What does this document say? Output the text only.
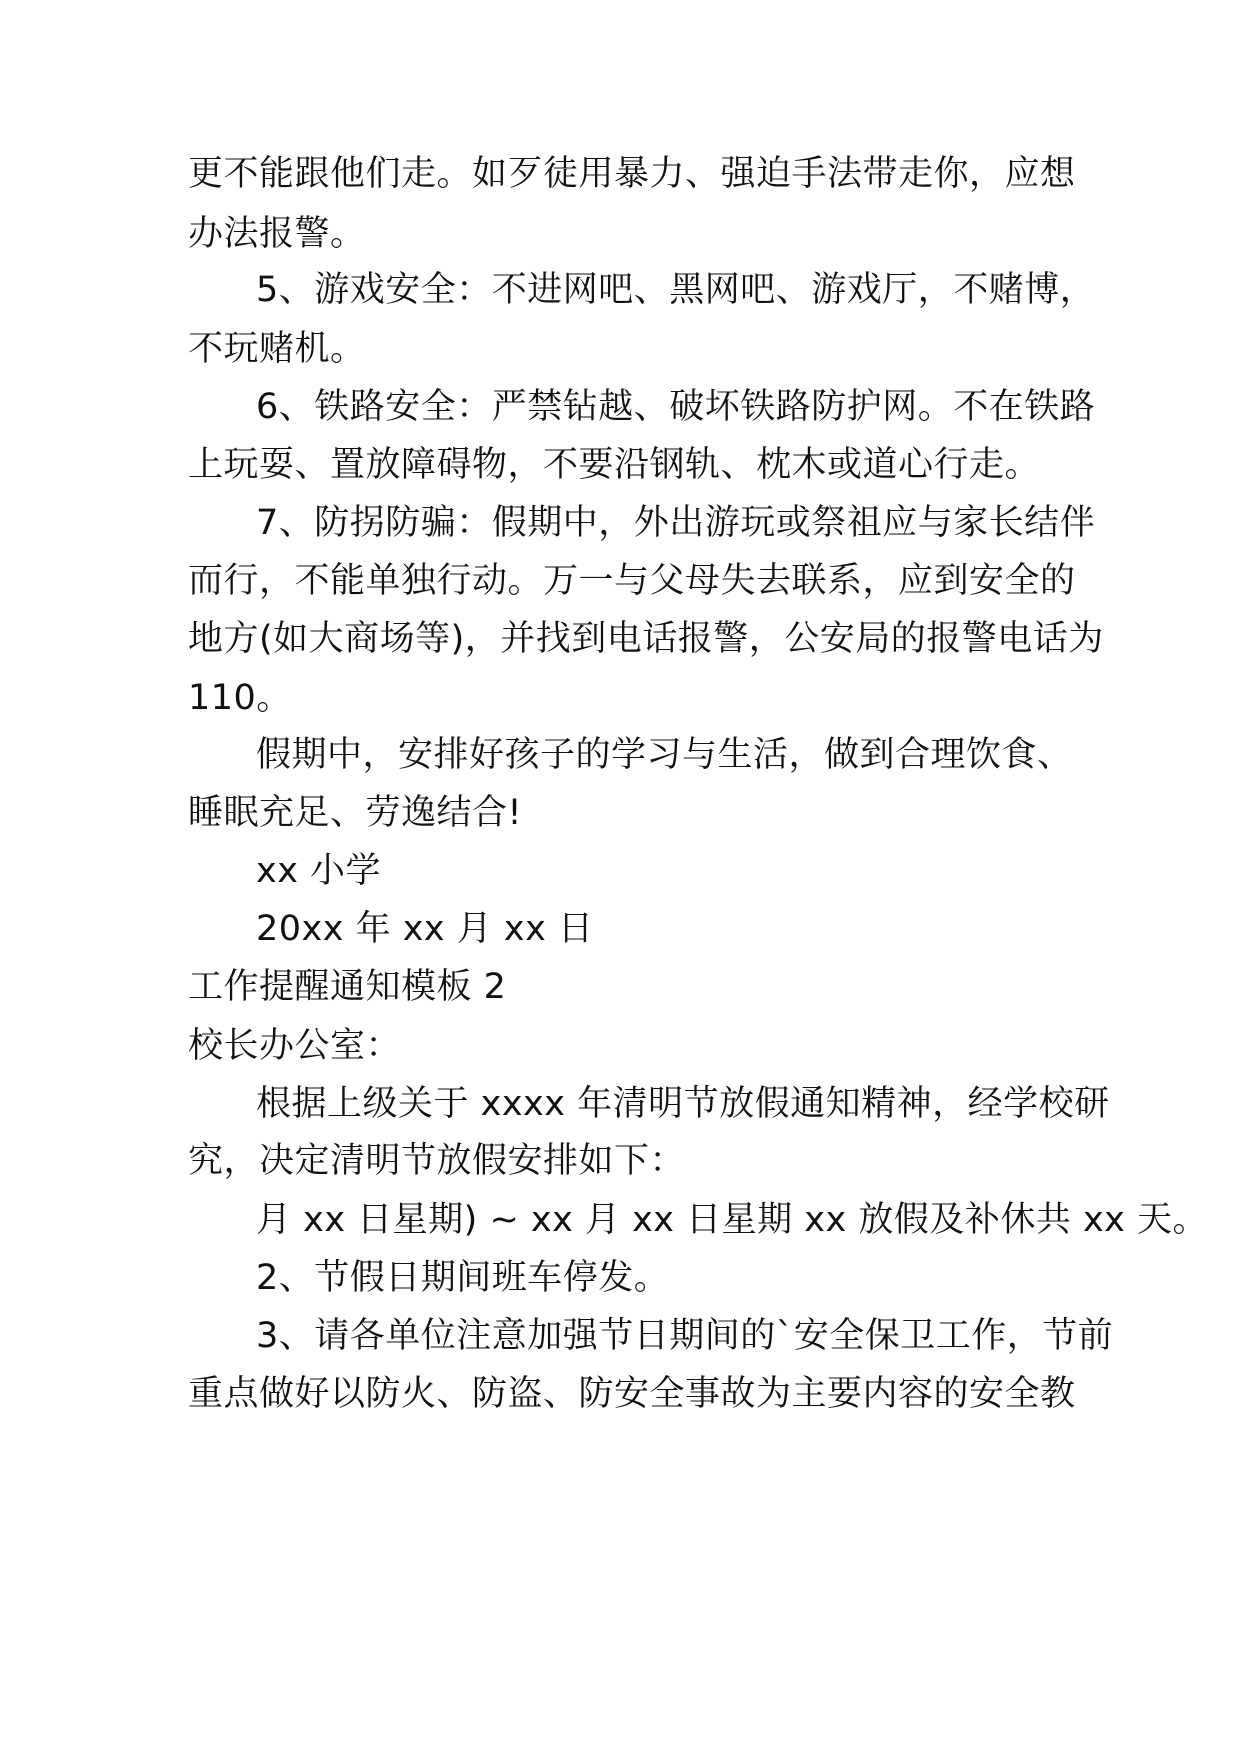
更不能跟他们走。如歹徒用暴力、强迫手法带走你，应想
办法报警。
5、游戏安全：不进网吧、黑网吧、游戏厅，不赌博，
不玩赌机。
6、铁路安全：严禁钻越、破坏铁路防护网。不在铁路
上玩耍、置放障碍物，不要沿钢轨、枕木或道心行走。
7、防拐防骗：假期中，外出游玩或祭祖应与家长结伴
而行，不能单独行动。万一与父母失去联系，应到安全的
地方(如大商场等)，并找到电话报警，公安局的报警电话为
110。
假期中，安排好孩子的学习与生活，做到合理饮食、
睡眠充足、劳逸结合!
xx 小学
20xx 年 xx 月 xx 日
工作提醒通知模板 2
校长办公室：
根据上级关于 xxxx 年清明节放假通知精神，经学校研
究，决定清明节放假安排如下：
月 xx 日星期) ~ xx 月 xx 日星期 xx 放假及补休共 xx 天。
2、节假日期间班车停发。
3、请各单位注意加强节日期间的`安全保卫工作，节前
重点做好以防火、防盗、防安全事故为主要内容的安全教
